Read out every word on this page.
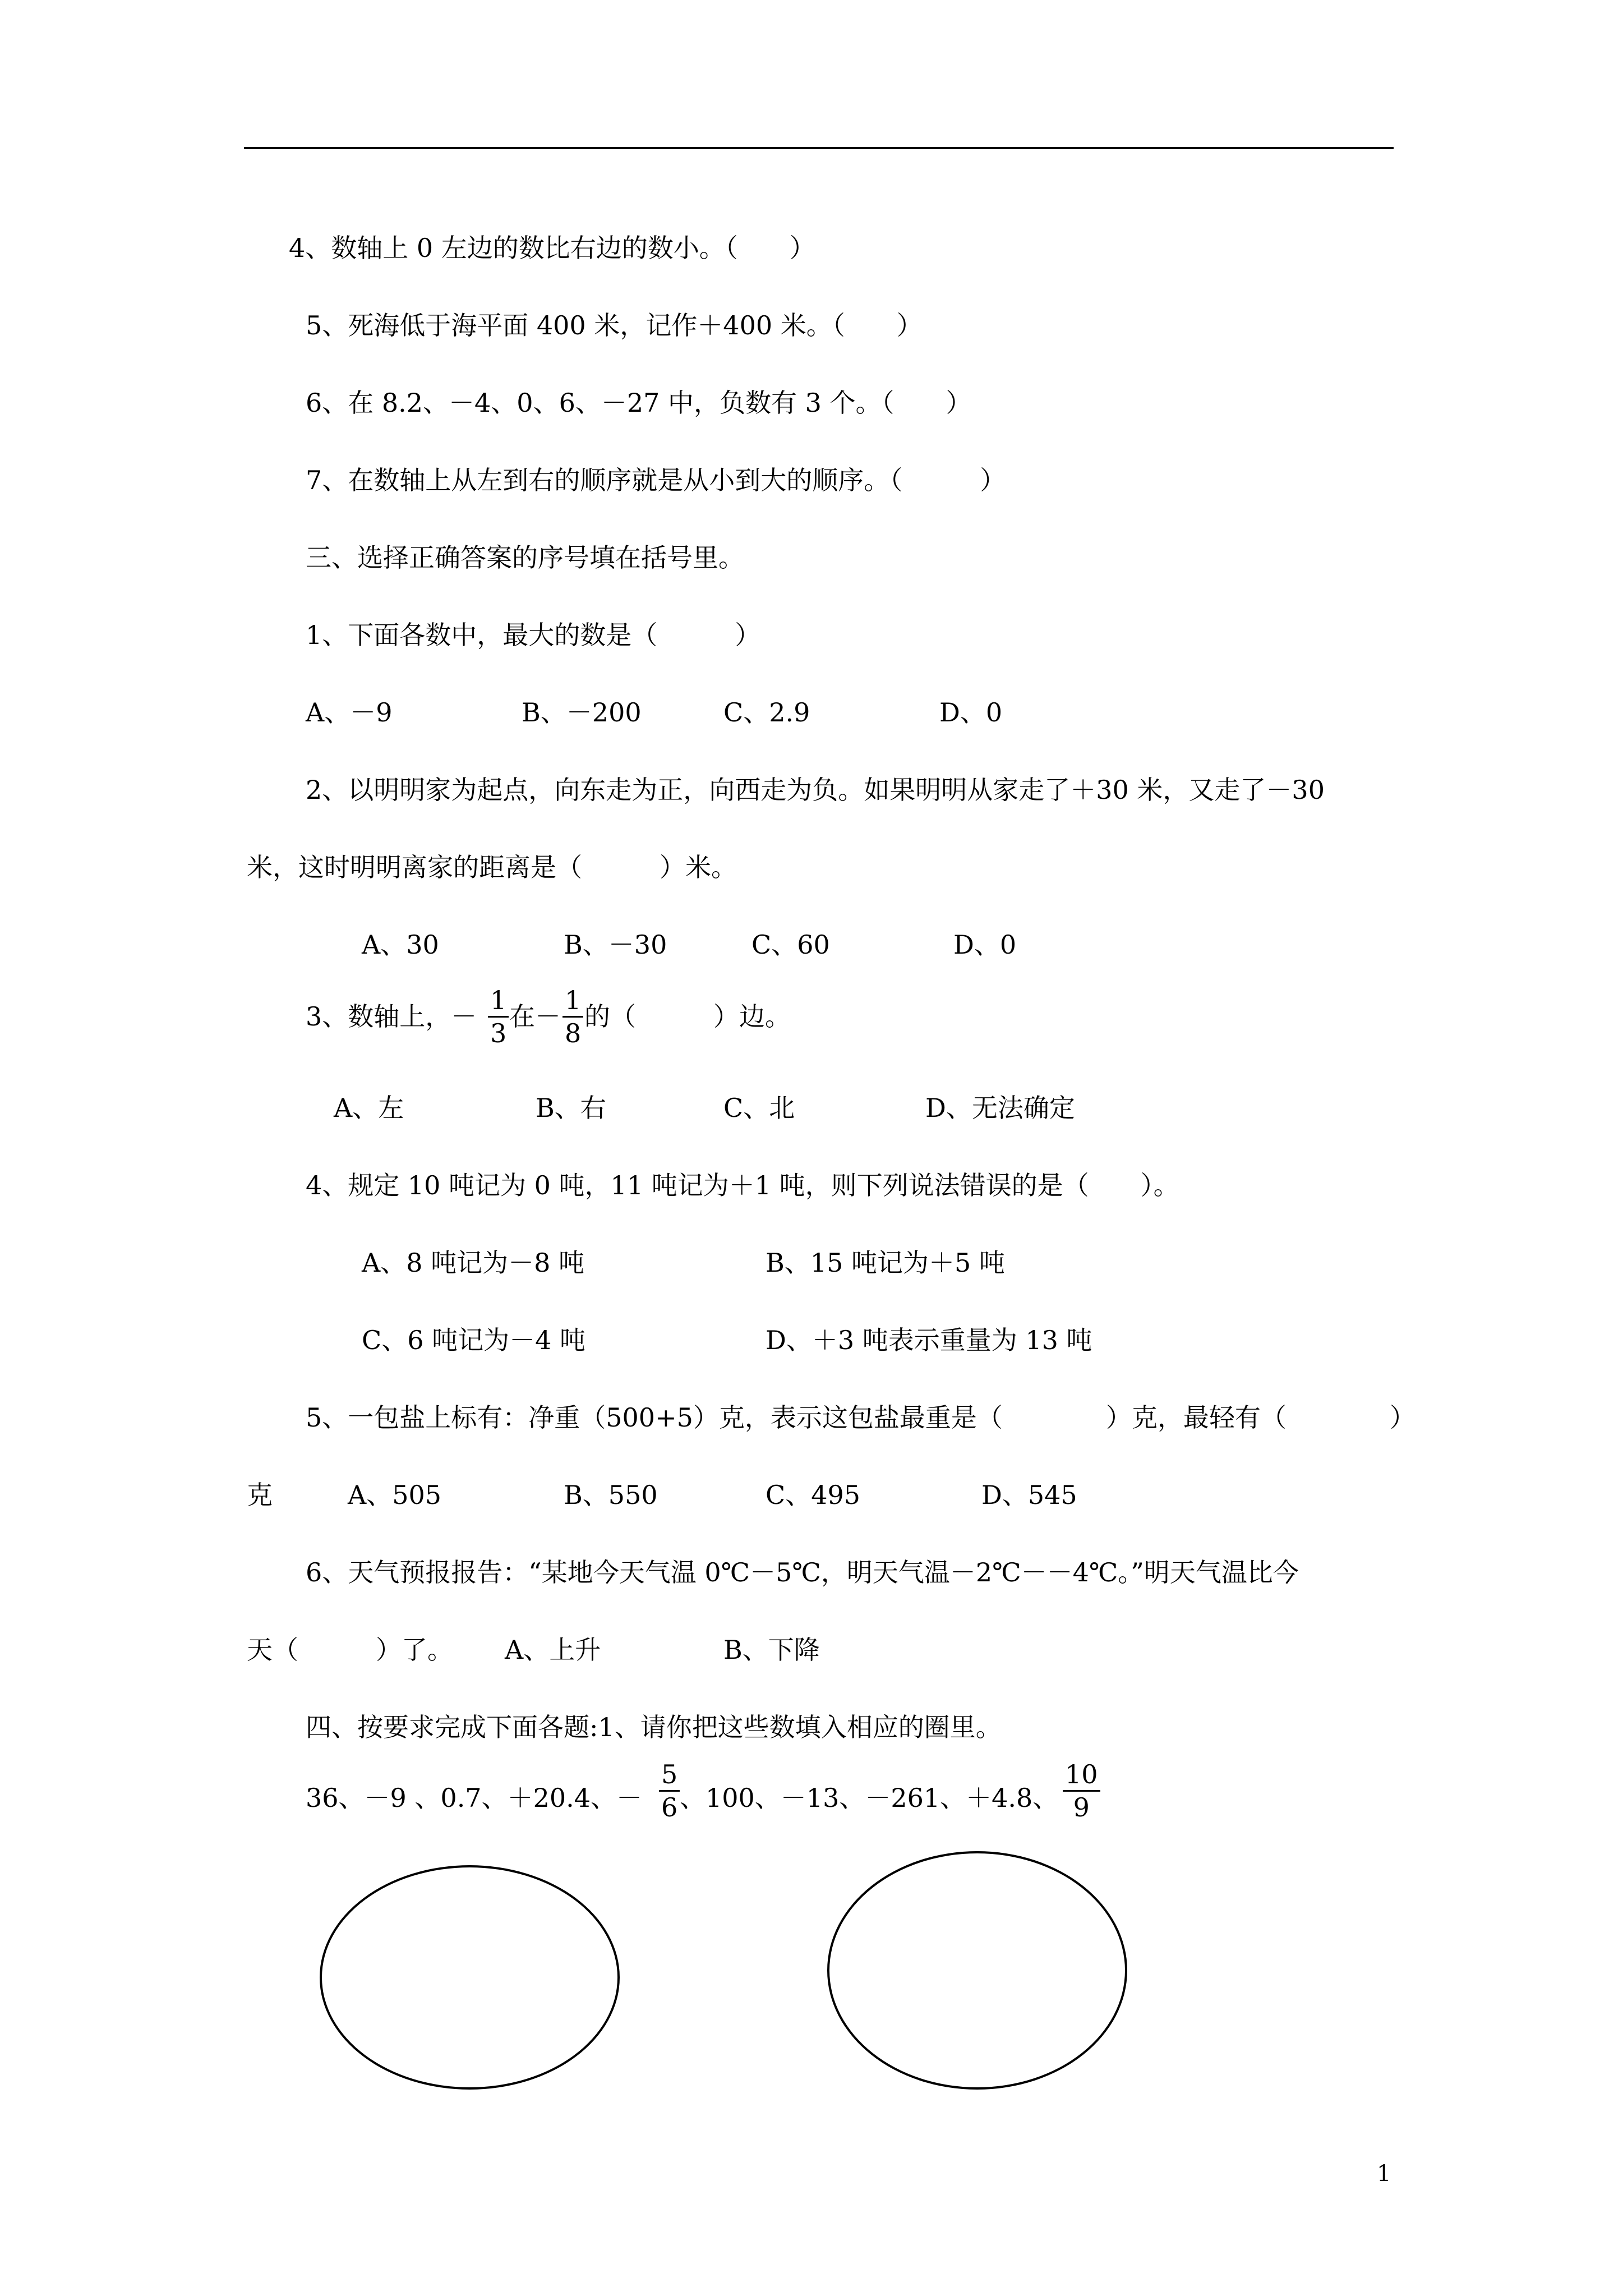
4、数轴上 0 左边的数比右边的数小。（　　）
5、死海低于海平面 400 米，记作＋400 米。（　　）
6、在 8.2、－4、0、6、－27 中，负数有 3 个。（　　）
7、在数轴上从左到右的顺序就是从小到大的顺序。（　　　）
三、选择正确答案的序号填在括号里。
1、下面各数中，最大的数是（　　　）
A、－9	B、－200	C、2.9	D、0
2、以明明家为起点，向东走为正，向西走为负。如果明明从家走了＋30 米，又走了－30
米，这时明明离家的距离是（　　　）米。
A、30	B、－30	C、60	D、0
3、数轴上，－ $\frac{1}{3}$ 在－ $\frac{1}{8}$ 的（　　　）边。
A、左	B、右	C、北	D、无法确定
4、规定 10 吨记为 0 吨，11 吨记为＋1 吨，则下列说法错误的是（　　）。
A、8 吨记为－8 吨	B、15 吨记为＋5 吨
C、6 吨记为－4 吨	D、＋3 吨表示重量为 13 吨
5、一包盐上标有：净重（500+5）克，表示这包盐最重是（　　　　）克，最轻有（　　　　）
克	A、505	B、550	C、495	D、545
6、天气预报报告：“某地今天气温 0℃－5℃，明天气温－2℃－－4℃。”明天气温比今
天（　　　）了。 A、上升	B、下降
四、按要求完成下面各题:1、请你把这些数填入相应的圈里。
36、－9 、0.7、＋20.4、－ $\frac{5}{6}$ 、100、－13、－261、＋4.8、 $\frac{10}{9}$
1
